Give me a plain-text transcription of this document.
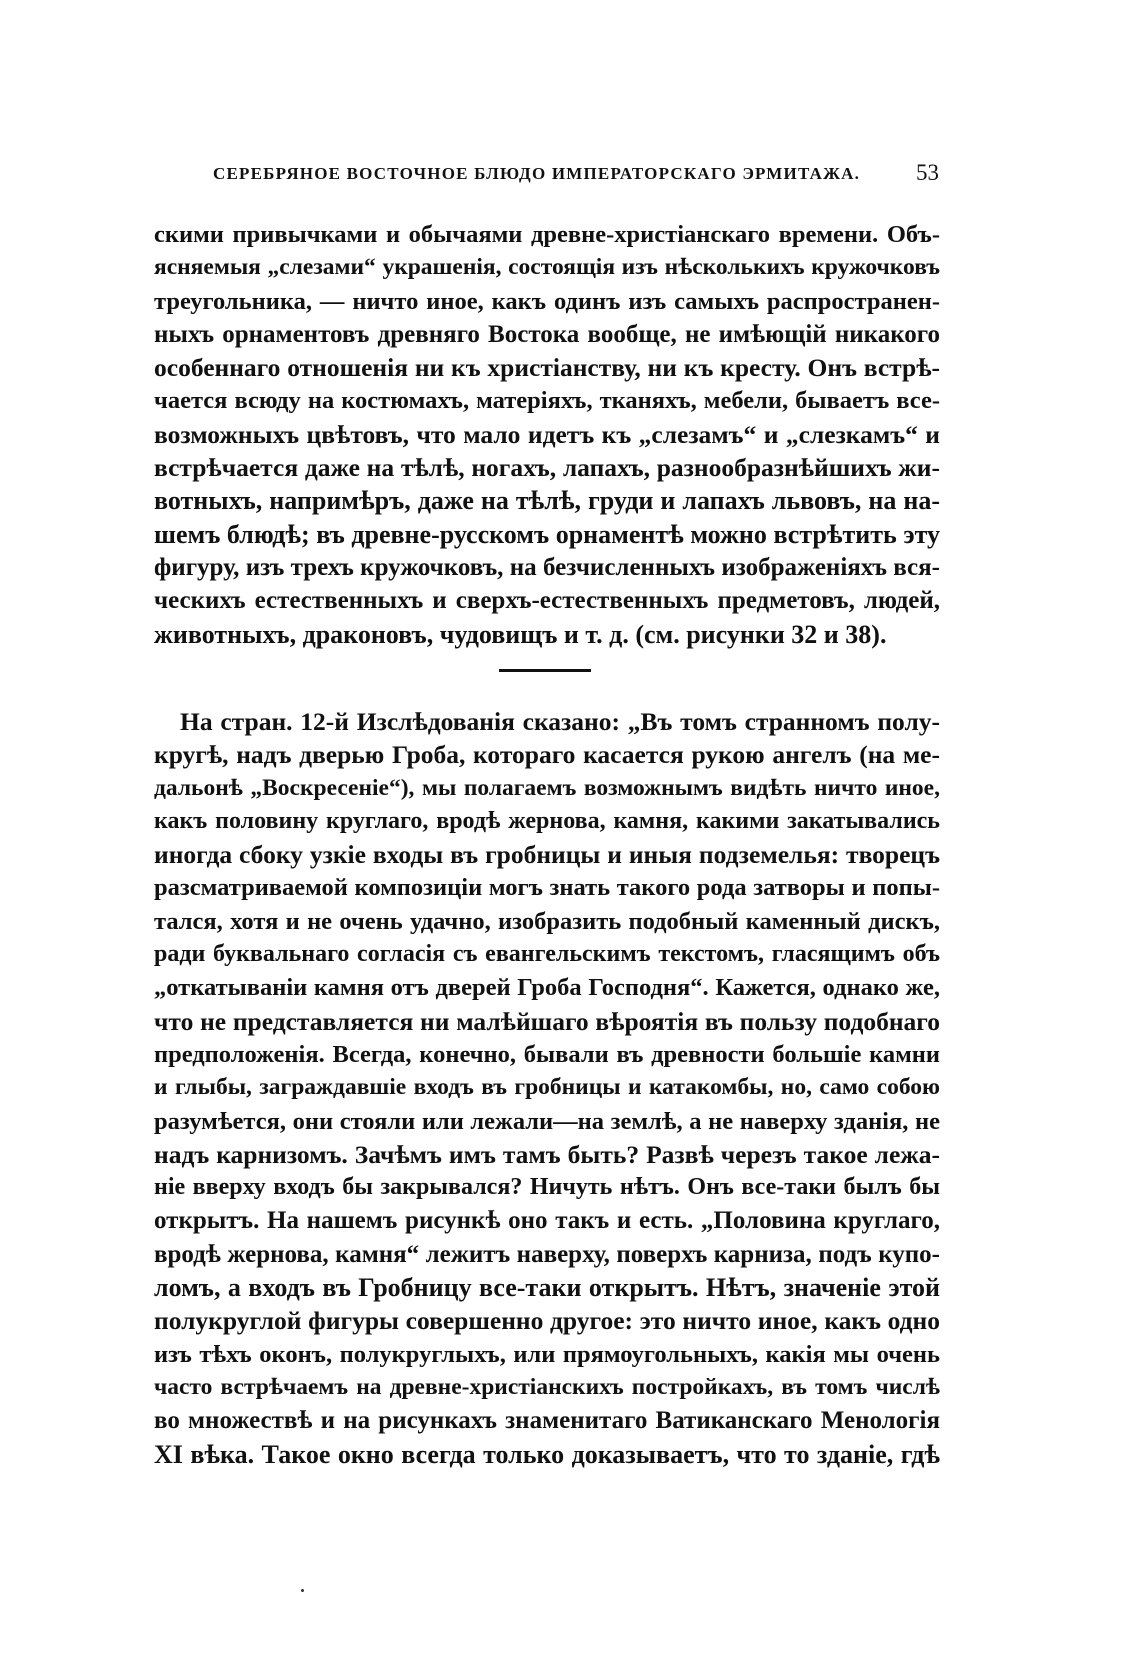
СЕРЕБРЯНОЕ ВОСТОЧНОЕ БЛЮДО ИМПЕРАТОРСКАГО ЭРМИТАЖА. 53
скими привычками и обычаями древне-христіанскаго времени. Объ-
ясняемыя „слезами“ украшенія, состоящія изъ нѣсколькихъ кружочковъ
треугольника, — ничто иное, какъ одинъ изъ самыхъ распространен-
ныхъ орнаментовъ древняго Востока вообще, не имѣющій никакого
особеннаго отношенія ни къ христіанству, ни къ кресту. Онъ встрѣ-
чается всюду на костюмахъ, матеріяхъ, тканяхъ, мебели, бываетъ все-
возможныхъ цвѣтовъ, что мало идетъ къ „слезамъ“ и „слезкамъ“ и
встрѣчается даже на тѣлѣ, ногахъ, лапахъ, разнообразнѣйшихъ жи-
вотныхъ, напримѣръ, даже на тѣлѣ, груди и лапахъ львовъ, на на-
шемъ блюдѣ; въ древне-русскомъ орнаментѣ можно встрѣтить эту
фигуру, изъ трехъ кружочковъ, на безчисленныхъ изображеніяхъ вся-
ческихъ естественныхъ и сверхъ-естественныхъ предметовъ, людей,
животныхъ, драконовъ, чудовищъ и т. д. (см. рисунки 32 и 38).
На стран. 12-й Изслѣдованія сказано: „Въ томъ странномъ полу-
кругѣ, надъ дверью Гроба, котораго касается рукою ангелъ (на ме-
дальонѣ „Воскресеніе“), мы полагаемъ возможнымъ видѣть ничто иное,
какъ половину круглаго, вродѣ жернова, камня, какими закатывались
иногда сбоку узкіе входы въ гробницы и иныя подземелья: творецъ
разсматриваемой композиціи могъ знать такого рода затворы и попы-
тался, хотя и не очень удачно, изобразить подобный каменный дискъ,
ради буквальнаго согласія съ евангельскимъ текстомъ, гласящимъ объ
„откатываніи камня отъ дверей Гроба Господня“. Кажется, однако же,
что не представляется ни малѣйшаго вѣроятія въ пользу подобнаго
предположенія. Всегда, конечно, бывали въ древности большіе камни
и глыбы, заграждавшіе входъ въ гробницы и катакомбы, но, само собою
разумѣется, они стояли или лежали—на землѣ, а не наверху зданія, не
надъ карнизомъ. Зачѣмъ имъ тамъ быть? Развѣ черезъ такое лежа-
ніе вверху входъ бы закрывался? Ничуть нѣтъ. Онъ все-таки былъ бы
открытъ. На нашемъ рисункѣ оно такъ и есть. „Половина круглаго,
вродѣ жернова, камня“ лежитъ наверху, поверхъ карниза, подъ купо-
ломъ, а входъ въ Гробницу все-таки открытъ. Нѣтъ, значеніе этой
полукруглой фигуры совершенно другое: это ничто иное, какъ одно
изъ тѣхъ оконъ, полукруглыхъ, или прямоугольныхъ, какія мы очень
часто встрѣчаемъ на древне-христіанскихъ постройкахъ, въ томъ числѣ
во множествѣ и на рисункахъ знаменитаго Ватиканскаго Менологія
XI вѣка. Такое окно всегда только доказываетъ, что то зданіе, гдѣ
